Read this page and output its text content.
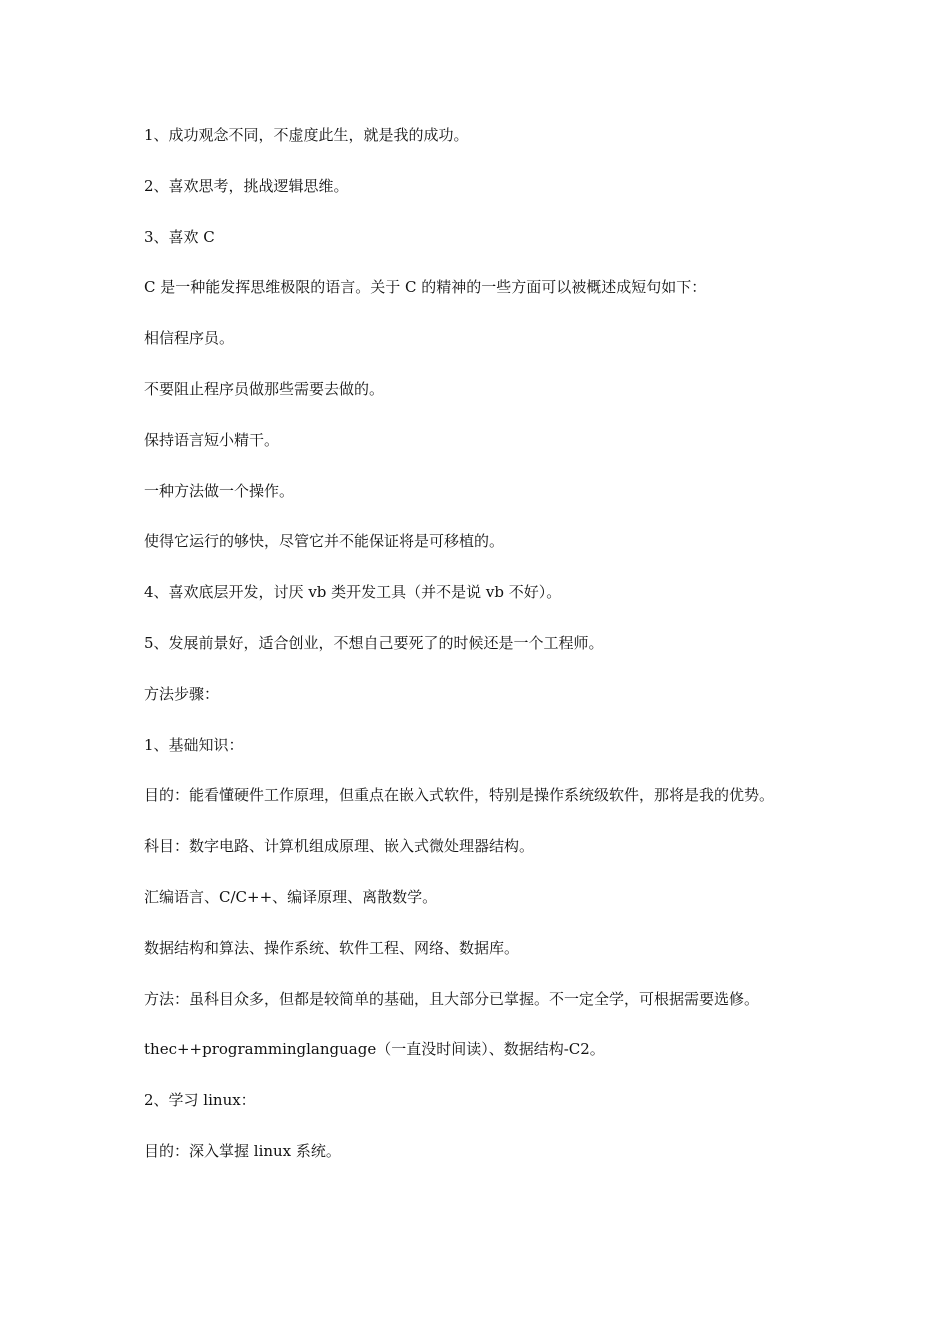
1、成功观念不同，不虚度此生，就是我的成功。

2、喜欢思考，挑战逻辑思维。

3、喜欢 C

C 是一种能发挥思维极限的语言。关于 C 的精神的一些方面可以被概述成短句如下：

相信程序员。

不要阻止程序员做那些需要去做的。

保持语言短小精干。

一种方法做一个操作。

使得它运行的够快，尽管它并不能保证将是可移植的。

4、喜欢底层开发，讨厌 vb 类开发工具（并不是说 vb 不好）。

5、发展前景好，适合创业，不想自己要死了的时候还是一个工程师。

方法步骤：

1、基础知识：

目的：能看懂硬件工作原理，但重点在嵌入式软件，特别是操作系统级软件，那将是我的优势。

科目：数字电路、计算机组成原理、嵌入式微处理器结构。

汇编语言、C/C++、编译原理、离散数学。

数据结构和算法、操作系统、软件工程、网络、数据库。

方法：虽科目众多，但都是较简单的基础，且大部分已掌握。不一定全学，可根据需要选修。

thec++programminglanguage（一直没时间读）、数据结构-C2。

2、学习 linux：

目的：深入掌握 linux 系统。
